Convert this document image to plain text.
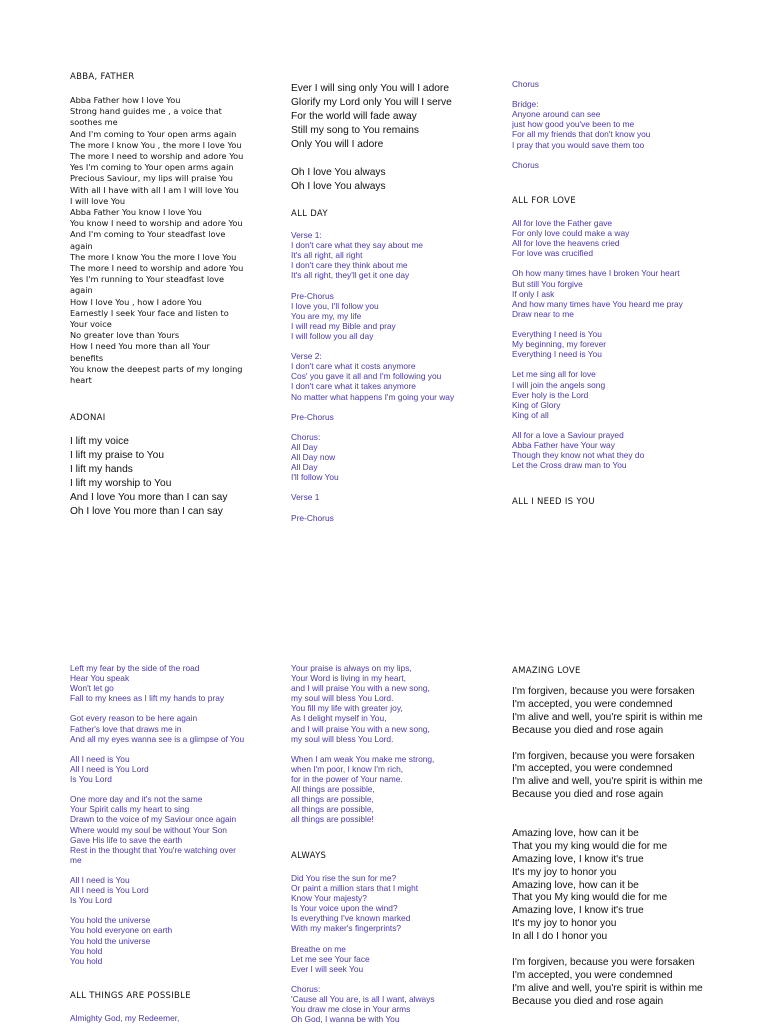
ABBA, FATHER
Abba Father how I love You
Strong hand guides me , a voice that
soothes me
And I'm coming to Your open arms again
The more I know You , the more I love You
The more I need to worship and adore You
Yes I'm coming to Your open arms again
Precious Saviour, my lips will praise You
With all I have with all I am I will love You
I will love You
Abba Father You know I love You
You know I need to worship and adore You
And I'm coming to Your steadfast love
again
The more I know You the more I love You
The more I need to worship and adore You
Yes I'm running to Your steadfast love
again
How I love You , how I adore You
Earnestly I seek Your face and listen to
Your voice
No greater love than Yours
How I need You more than all Your
benefits
You know the deepest parts of my longing
heart
ADONAI
I lift my voice
I lift my praise to You
I lift my hands
I lift my worship to You
And I love You more than I can say
Oh I love You more than I can say
Ever I will sing only You will I adore
Glorify my Lord only You will I serve
For the world will fade away
Still my song to You remains
Only You will I adore
Oh I love You always
Oh I love You always
ALL DAY
Verse 1:
I don't care what they say about me
It's all right, all right
I don't care they think about me
It's all right, they'll get it one day
Pre-Chorus
I love you, I'll follow you
You are my, my life
I will read my Bible and pray
I will follow you all day
Verse 2:
I don't care what it costs anymore
Cos' you gave it all and I'm following you
I don't care what it takes anymore
No matter what happens I'm going your way
Pre-Chorus
Chorus:
All Day
All Day now
All Day
I'll follow You
Verse 1
Pre-Chorus
Chorus
Bridge:
Anyone around can see
just how good you've been to me
For all my friends that don't know you
I pray that you would save them too
Chorus
ALL FOR LOVE
All for love the Father gave
For only love could make a way
All for love the heavens cried
For love was crucified
Oh how many times have I broken Your heart
But still You forgive
If only I ask
And how many times have You heard me pray
Draw near to me
Everything I need is You
My beginning, my forever
Everything I need is You
Let me sing all for love
I will join the angels song
Ever holy is the Lord
King of Glory
King of all
All for a love a Saviour prayed
Abba Father have Your way
Though they know not what they do
Let the Cross draw man to You
ALL I NEED IS YOU
Left my fear by the side of the road
Hear You speak
Won't let go
Fall to my knees as I lift my hands to pray
Got every reason to be here again
Father's love that draws me in
And all my eyes wanna see is a glimpse of You
All I need is You
All I need is You Lord
Is You Lord
One more day and it's not the same
Your Spirit calls my heart to sing
Drawn to the voice of my Saviour once again
Where would my soul be without Your Son
Gave His life to save the earth
Rest in the thought that You're watching over
me
All I need is You
All I need is You Lord
Is You Lord
You hold the universe
You hold everyone on earth
You hold the universe
You hold
You hold
ALL THINGS ARE POSSIBLE
Almighty God, my Redeemer,
Your praise is always on my lips,
Your Word is living in my heart,
and I will praise You with a new song,
my soul will bless You Lord.
You fill my life with greater joy,
As I delight myself in You,
and I will praise You with a new song,
my soul will bless You Lord.
When I am weak You make me strong,
when I'm poor, I know I'm rich,
for in the power of Your name.
All things are possible,
all things are possible,
all things are possible,
all things are possible!
ALWAYS
Did You rise the sun for me?
Or paint a million stars that I might
Know Your majesty?
Is Your voice upon the wind?
Is everything I've known marked
With my maker's fingerprints?
Breathe on me
Let me see Your face
Ever I will seek You
Chorus:
'Cause all You are, is all I want, always
You draw me close in Your arms
Oh God, I wanna be with You
AMAZING LOVE
I'm forgiven, because you were forsaken
I'm accepted, you were condemned
I'm alive and well, you're spirit is within me
Because you died and rose again
I'm forgiven, because you were forsaken
I'm accepted, you were condemned
I'm alive and well, you're spirit is within me
Because you died and rose again
Amazing love, how can it be
That you my king would die for me
Amazing love, I know it's true
It's my joy to honor you
Amazing love, how can it be
That you My king would die for me
Amazing love, I know it's true
It's my joy to honor you
In all I do I honor you
I'm forgiven, because you were forsaken
I'm accepted, you were condemned
I'm alive and well, you're spirit is within me
Because you died and rose again
